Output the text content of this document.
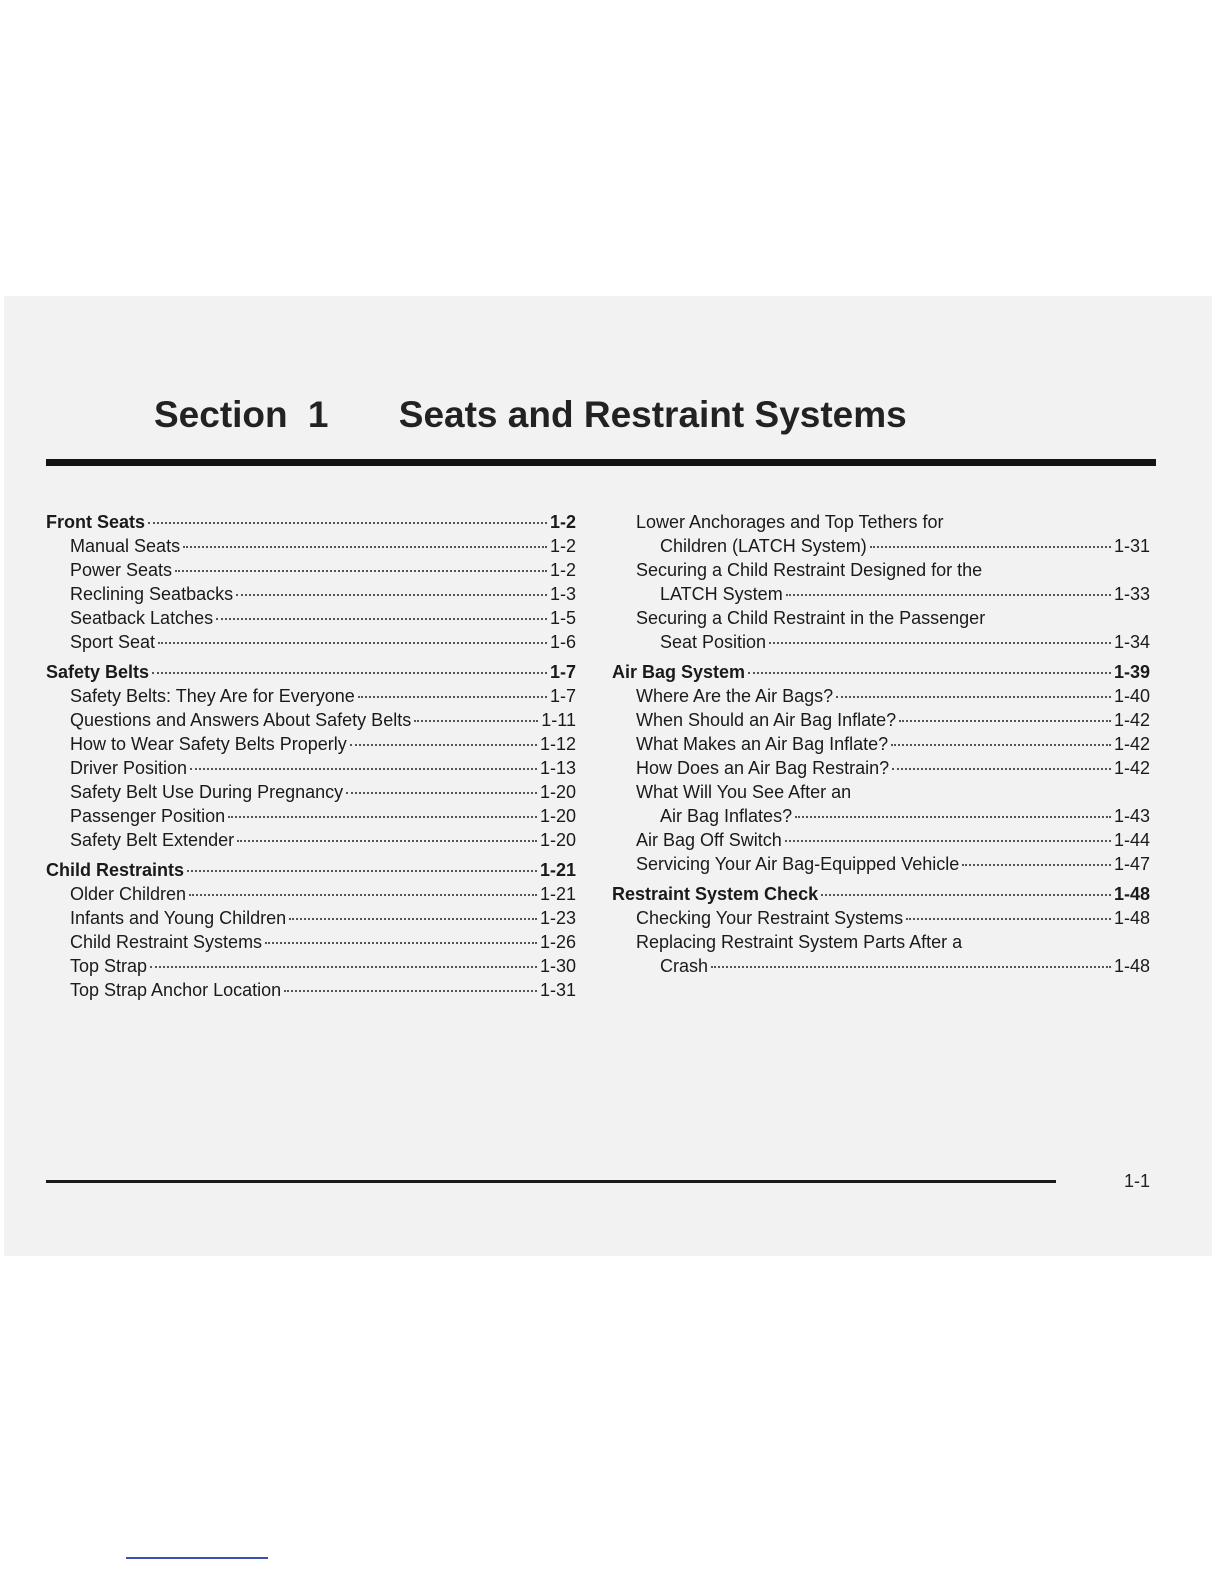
Section 1 Seats and Restraint Systems
Front Seats	1-2
Manual Seats	1-2
Power Seats	1-2
Reclining Seatbacks	1-3
Seatback Latches	1-5
Sport Seat	1-6
Safety Belts	1-7
Safety Belts: They Are for Everyone	1-7
Questions and Answers About Safety Belts	1-11
How to Wear Safety Belts Properly	1-12
Driver Position	1-13
Safety Belt Use During Pregnancy	1-20
Passenger Position	1-20
Safety Belt Extender	1-20
Child Restraints	1-21
Older Children	1-21
Infants and Young Children	1-23
Child Restraint Systems	1-26
Top Strap	1-30
Top Strap Anchor Location	1-31
Lower Anchorages and Top Tethers for
Children (LATCH System)	1-31
Securing a Child Restraint Designed for the
LATCH System	1-33
Securing a Child Restraint in the Passenger
Seat Position	1-34
Air Bag System	1-39
Where Are the Air Bags?	1-40
When Should an Air Bag Inflate?	1-42
What Makes an Air Bag Inflate?	1-42
How Does an Air Bag Restrain?	1-42
What Will You See After an
Air Bag Inflates?	1-43
Air Bag Off Switch	1-44
Servicing Your Air Bag-Equipped Vehicle	1-47
Restraint System Check	1-48
Checking Your Restraint Systems	1-48
Replacing Restraint System Parts After a
Crash	1-48
1-1
